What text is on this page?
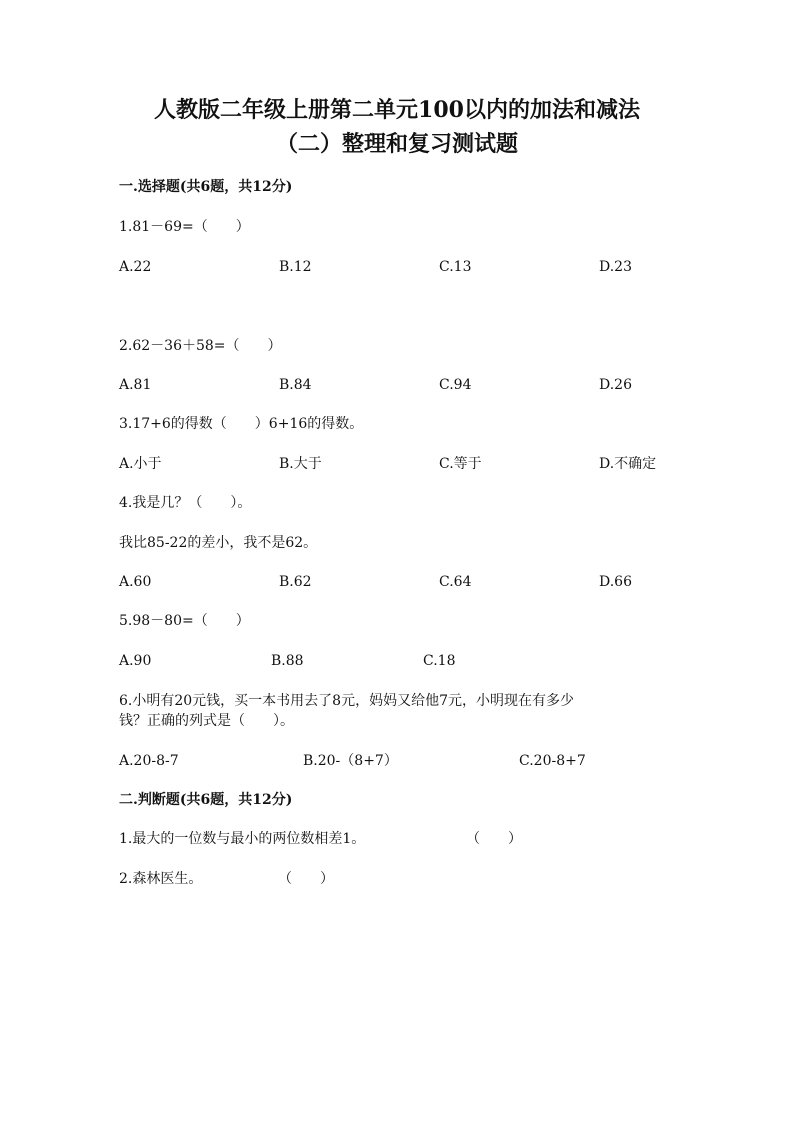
人教版二年级上册第二单元100以内的加法和减法
（二）整理和复习测试题
一.选择题(共6题，共12分)
1.81－69=（　　）
A.22	B.12	C.13	D.23
2.62－36＋58=（　　）
A.81	B.84	C.94	D.26
3.17+6的得数（　　）6+16的得数。
A.小于	B.大于	C.等于	D.不确定
4.我是几？（　　）。
我比85-22的差小，我不是62。
A.60	B.62	C.64	D.66
5.98－80=（　　）
A.90	B.88	C.18
6.小明有20元钱，买一本书用去了8元，妈妈又给他7元，小明现在有多少
钱？正确的列式是（　　）。
A.20-8-7	B.20-（8+7）	C.20-8+7
二.判断题(共6题，共12分)
1.最大的一位数与最小的两位数相差1。	（　　）
2.森林医生。	（　　）
